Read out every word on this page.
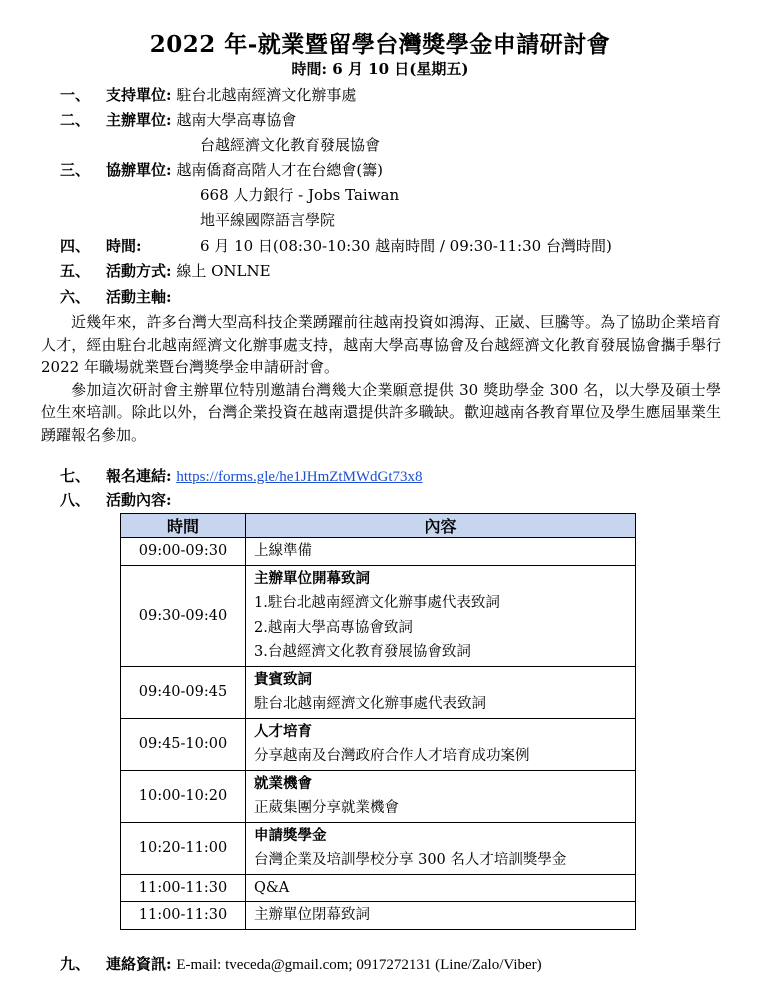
2022 年-就業暨留學台灣獎學金申請研討會
時間: 6 月 10 日(星期五)
一、 支持單位: 駐台北越南經濟文化辦事處
二、 主辦單位: 越南大學高專協會
台越經濟文化教育發展協會
三、 協辦單位: 越南僑裔高階人才在台總會(籌)
668 人力銀行 - Jobs Taiwan
地平線國際語言學院
四、 時間:	6 月 10 日(08:30-10:30 越南時間 / 09:30-11:30 台灣時間)
五、 活動方式: 線上 ONLNE
六、 活動主軸:

近幾年來，許多台灣大型高科技企業踴躍前往越南投資如鴻海、正崴、巨騰等。為了協助企業培育人才，經由駐台北越南經濟文化辦事處支持，越南大學高專協會及台越經濟文化教育發展協會攜手舉行 2022 年職場就業暨台灣獎學金申請研討會。

參加這次研討會主辦單位特別邀請台灣幾大企業願意提供 30 獎助學金 300 名，以大學及碩士學位生來培訓。除此以外，台灣企業投資在越南還提供許多職缺。歡迎越南各教育單位及學生應屆畢業生踴躍報名參加。

七、 報名連結: https://forms.gle/he1JHmZtMWdGt73x8
八、 活動內容:
時間	內容
09:00-09:30	上線準備

09:30-09:40	主辦單位開幕致詞
1.駐台北越南經濟文化辦事處代表致詞
2.越南大學高專協會致詞
3.台越經濟文化教育發展協會致詞

09:40-09:45	貴賓致詞
駐台北越南經濟文化辦事處代表致詞

09:45-10:00	人才培育
分享越南及台灣政府合作人才培育成功案例

10:00-10:20	就業機會
正葳集團分享就業機會

10:20-11:00	申請獎學金
台灣企業及培訓學校分享 300 名人才培訓獎學金

11:00-11:30	Q&A

11:00-11:30	主辦單位閉幕致詞
九、 連絡資訊: E-mail: tveceda@gmail.com; 0917272131 (Line/Zalo/Viber)
